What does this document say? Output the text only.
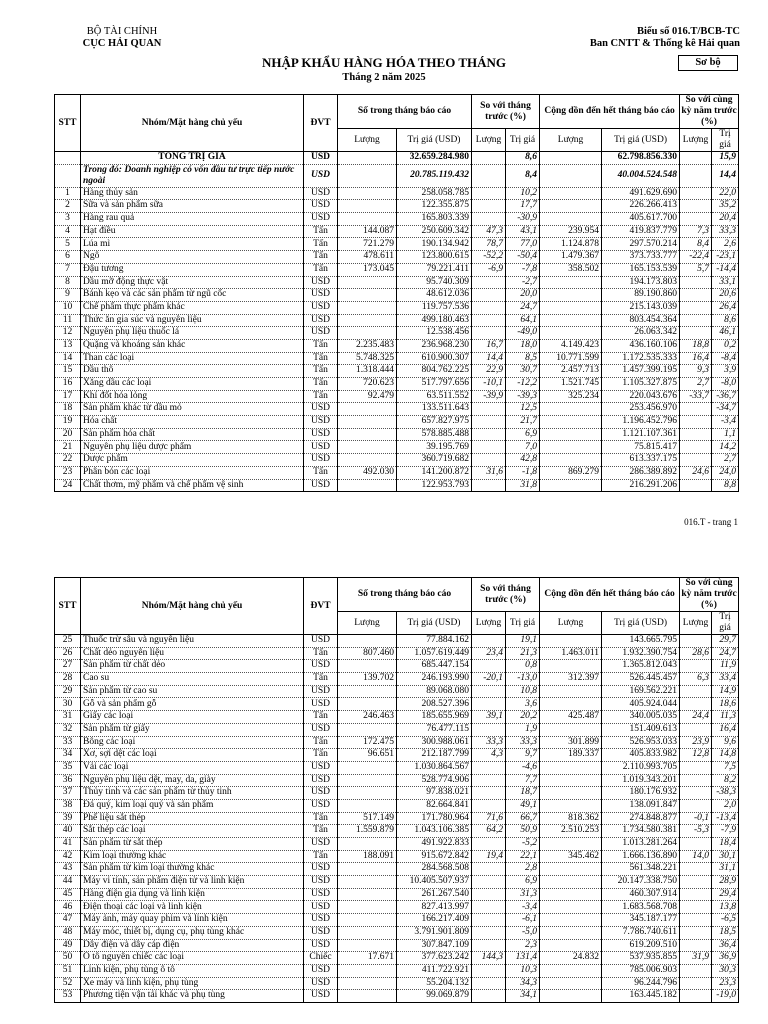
BỘ TÀI CHÍNH
CỤC HẢI QUAN
Biểu số 016.T/BCB-TC
Ban CNTT & Thống kê Hải quan
NHẬP KHẨU HÀNG HÓA THEO THÁNG
Tháng 2 năm 2025
Sơ bộ
STT	Nhóm/Mặt hàng chủ yếu	ĐVT	Số trong tháng báo cáo		So với tháng trước (%)		Cộng dồn đến hết tháng báo cáo		So với cùng kỳ năm trước (%)	
			Lượng	Trị giá (USD)	Lượng	Trị giá	Lượng	Trị giá (USD)	Lượng	Trị giá
	TỔNG TRỊ GIÁ	USD		32.659.284.980		8,6		62.798.856.330		15,9
	Trong đó: Doanh nghiệp có vốn đầu tư trực tiếp nước ngoài	USD		20.785.119.432		8,4		40.004.524.548		14,4
1	Hàng thủy sản	USD		258.058.785		10,2		491.629.690		22,0
2	Sữa và sản phẩm sữa	USD		122.355.875		17,7		226.266.413		35,2
3	Hàng rau quả	USD		165.803.339		-30,9		405.617.700		20,4
4	Hạt điều	Tấn	144.087	250.609.342	47,3	43,1	239.954	419.837.779	7,3	33,3
5	Lúa mì	Tấn	721.279	190.134.942	78,7	77,0	1.124.878	297.570.214	8,4	2,6
6	Ngô	Tấn	478.611	123.800.615	-52,2	-50,4	1.479.367	373.733.777	-22,4	-23,1
7	Đậu tương	Tấn	173.045	79.221.411	-6,9	-7,8	358.502	165.153.539	5,7	-14,4
8	Dầu mỡ động thực vật	USD		95.740.309		-2,7		194.173.803		33,1
9	Bánh kẹo và các sản phẩm từ ngũ cốc	USD		48.612.036		20,0		89.190.860		20,6
10	Chế phẩm thực phẩm khác	USD		119.757.536		24,7		215.143.039		26,4
11	Thức ăn gia súc và nguyên liệu	USD		499.180.463		64,1		803.454.364		8,6
12	Nguyên phụ liệu thuốc lá	USD		12.538.456		-49,0		26.063.342		46,1
13	Quặng và khoáng sản khác	Tấn	2.235.483	236.968.230	16,7	18,0	4.149.423	436.160.106	18,8	0,2
14	Than các loại	Tấn	5.748.325	610.900.307	14,4	8,5	10.771.599	1.172.535.333	16,4	-8,4
15	Dầu thô	Tấn	1.318.444	804.762.225	22,9	30,7	2.457.713	1.457.399.195	9,3	3,9
16	Xăng dầu các loại	Tấn	720.623	517.797.656	-10,1	-12,2	1.521.745	1.105.327.875	2,7	-8,0
17	Khí đốt hóa lỏng	Tấn	92.479	63.511.552	-39,9	-39,3	325.234	220.043.676	-33,7	-36,7
18	Sản phẩm khác từ dầu mỏ	USD		133.511.643		12,5		253.456.970		-34,7
19	Hóa chất	USD		657.827.975		21,7		1.196.452.796		-3,4
20	Sản phẩm hóa chất	USD		578.885.488		6,9		1.121.107.361		1,1
21	Nguyên phụ liệu dược phẩm	USD		39.195.769		7,0		75.815.417		14,2
22	Dược phẩm	USD		360.719.682		42,8		613.337.175		2,7
23	Phân bón các loại	Tấn	492.030	141.200.872	31,6	-1,8	869.279	286.389.892	24,6	24,0
24	Chất thơm, mỹ phẩm và chế phẩm vệ sinh	USD		122.953.793		31,8		216.291.206		8,8
016.T - trang 1
STT	Nhóm/Mặt hàng chủ yếu	ĐVT	Số trong tháng báo cáo		So với tháng trước (%)		Cộng dồn đến hết tháng báo cáo		So với cùng kỳ năm trước (%)	
			Lượng	Trị giá (USD)	Lượng	Trị giá	Lượng	Trị giá (USD)	Lượng	Trị giá
25	Thuốc trừ sâu và nguyên liệu	USD		77.884.162		19,1		143.665.795		29,7
26	Chất dẻo nguyên liệu	Tấn	807.460	1.057.619.449	23,4	21,3	1.463.011	1.932.390.754	28,6	24,7
27	Sản phẩm từ chất dẻo	USD		685.447.154		0,8		1.365.812.043		11,9
28	Cao su	Tấn	139.702	246.193.990	-20,1	-13,0	312.397	526.445.457	6,3	33,4
29	Sản phẩm từ cao su	USD		89.068.080		10,8		169.562.221		14,9
30	Gỗ và sản phẩm gỗ	USD		208.527.396		3,6		405.924.044		18,6
31	Giấy các loại	Tấn	246.463	185.655.969	39,1	20,2	425.487	340.005.035	24,4	11,3
32	Sản phẩm từ giấy	USD		76.477.115		1,9		151.409.613		16,4
33	Bông các loại	Tấn	172.475	300.988.061	33,3	33,3	301.899	526.953.033	23,9	9,6
34	Xơ, sợi dệt các loại	Tấn	96.651	212.187.799	4,3	9,7	189.337	405.833.982	12,8	14,8
35	Vải các loại	USD		1.030.864.567		-4,6		2.110.993.705		7,5
36	Nguyên phụ liệu dệt, may, da, giày	USD		528.774.906		7,7		1.019.343.201		8,2
37	Thủy tinh và các sản phẩm từ thủy tinh	USD		97.838.021		18,7		180.176.932		-38,3
38	Đá quý, kim loại quý và sản phẩm	USD		82.664.841		49,1		138.091.847		2,0
39	Phế liệu sắt thép	Tấn	517.149	171.780.964	71,6	66,7	818.362	274.848.877	-0,1	-13,4
40	Sắt thép các loại	Tấn	1.559.879	1.043.106.385	64,2	50,9	2.510.253	1.734.580.381	-5,3	-7,9
41	Sản phẩm từ sắt thép	USD		491.922.833		-5,2		1.013.281.264		18,4
42	Kim loại thường khác	Tấn	188.091	915.672.842	19,4	22,1	345.462	1.666.136.890	14,0	30,1
43	Sản phẩm từ kim loại thường khác	USD		284.568.508		2,8		561.348.221		31,1
44	Máy vi tính, sản phẩm điện tử và linh kiện	USD		10.405.507.937		6,9		20.147.338.750		28,9
45	Hàng điện gia dụng và linh kiện	USD		261.267.540		31,3		460.307.914		29,4
46	Điện thoại các loại và linh kiện	USD		827.413.997		-3,4		1.683.568.708		13,8
47	Máy ảnh, máy quay phim và linh kiện	USD		166.217.409		-6,1		345.187.177		-6,5
48	Máy móc, thiết bị, dụng cụ, phụ tùng khác	USD		3.791.901.809		-5,0		7.786.740.611		18,5
49	Dây điện và dây cáp điện	USD		307.847.109		2,3		619.209.510		36,4
50	Ô tô nguyên chiếc các loại	Chiếc	17.671	377.623.242	144,3	131,4	24.832	537.935.855	31,9	36,9
51	Linh kiện, phụ tùng ô tô	USD		411.722.921		10,3		785.006.903		30,3
52	Xe máy và linh kiện, phụ tùng	USD		55.204.132		34,3		96.244.796		23,3
53	Phương tiện vận tải khác và phụ tùng	USD		99.069.879		34,1		163.445.182		-19,0
